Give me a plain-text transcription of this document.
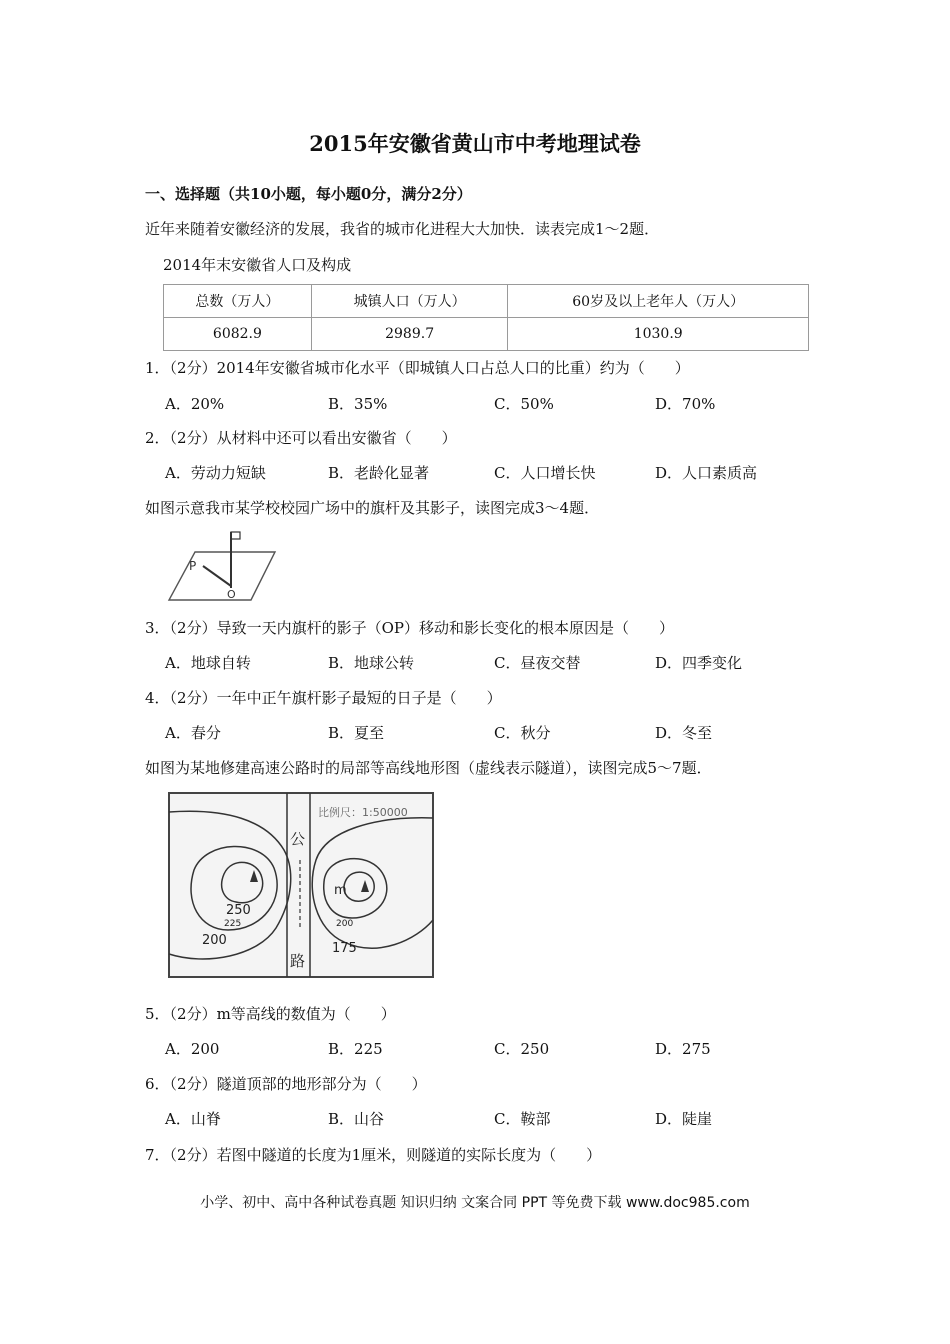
2015年安徽省黄山市中考地理试卷
一、选择题（共10小题，每小题0分，满分2分）
近年来随着安徽经济的发展，我省的城市化进程大大加快．读表完成1～2题．
2014年末安徽省人口及构成
总数（万人）	城镇人口（万人）	60岁及以上老年人（万人）
6082.9	2989.7	1030.9
1．（2分）2014年安徽省城市化水平（即城镇人口占总人口的比重）约为（　　）
A．20%	B．35%	C．50%	D．70%
2．（2分）从材料中还可以看出安徽省（　　）
A．劳动力短缺	B．老龄化显著	C．人口增长快	D．人口素质高
如图示意我市某学校校园广场中的旗杆及其影子，读图完成3～4题．
P
O
3．（2分）导致一天内旗杆的影子（OP）移动和影长变化的根本原因是（　　）
A．地球自转	B．地球公转	C．昼夜交替	D．四季变化
4．（2分）一年中正午旗杆影子最短的日子是（　　）
A．春分	B．夏至	C．秋分	D．冬至
如图为某地修建高速公路时的局部等高线地形图（虚线表示隧道），读图完成5～7题．
公
路
比例尺：1:50000
250
225
200
m
200
175
5．（2分）m等高线的数值为（　　）
A．200	B．225	C．250	D．275
6．（2分）隧道顶部的地形部分为（　　）
A．山脊	B．山谷	C．鞍部	D．陡崖
7．（2分）若图中隧道的长度为1厘米，则隧道的实际长度为（　　）
小学、初中、高中各种试卷真题 知识归纳 文案合同 PPT 等免费下载 www.doc985.com
